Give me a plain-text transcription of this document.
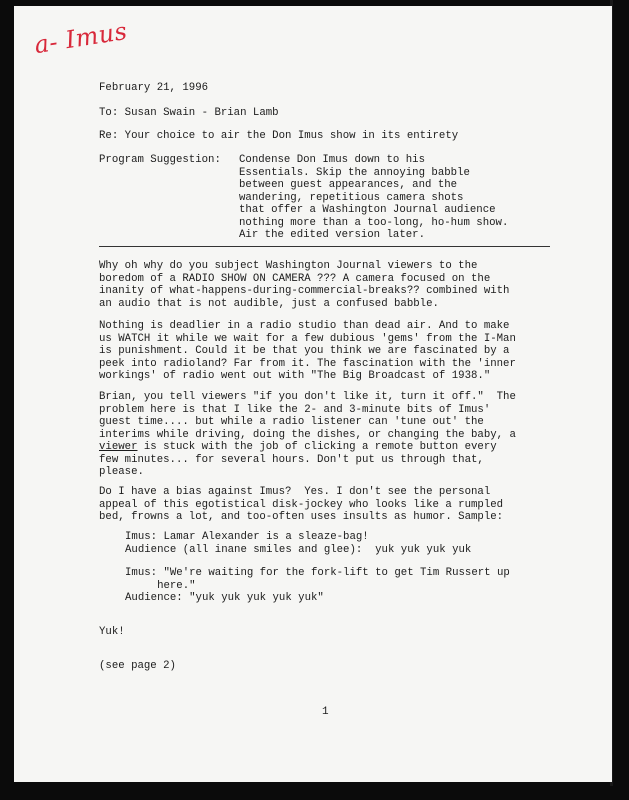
a- Imus
February 21, 1996
To: Susan Swain - Brian Lamb
Re: Your choice to air the Don Imus show in its entirety
Program Suggestion: Condense Don Imus down to his
Essentials. Skip the annoying babble
between guest appearances, and the
wandering, repetitious camera shots
that offer a Washington Journal audience
nothing more than a too-long, ho-hum show.
Air the edited version later.
Why oh why do you subject Washington Journal viewers to the
boredom of a RADIO SHOW ON CAMERA ??? A camera focused on the
inanity of what-happens-during-commercial-breaks?? combined with
an audio that is not audible, just a confused babble.
Nothing is deadlier in a radio studio than dead air. And to make
us WATCH it while we wait for a few dubious 'gems' from the I-Man
is punishment. Could it be that you think we are fascinated by a
peek into radioland? Far from it. The fascination with the 'inner
workings' of radio went out with "The Big Broadcast of 1938."
Brian, you tell viewers "if you don't like it, turn it off."  The
problem here is that I like the 2- and 3-minute bits of Imus'
guest time.... but while a radio listener can 'tune out' the
interims while driving, doing the dishes, or changing the baby, a
viewer is stuck with the job of clicking a remote button every
few minutes... for several hours. Don't put us through that,
please.
Do I have a bias against Imus?  Yes. I don't see the personal
appeal of this egotistical disk-jockey who looks like a rumpled
bed, frowns a lot, and too-often uses insults as humor. Sample:
Imus: Lamar Alexander is a sleaze-bag!
Audience (all inane smiles and glee):  yuk yuk yuk yuk
Imus: "We're waiting for the fork-lift to get Tim Russert up
here."
Audience: "yuk yuk yuk yuk yuk"
Yuk!
(see page 2)
1
